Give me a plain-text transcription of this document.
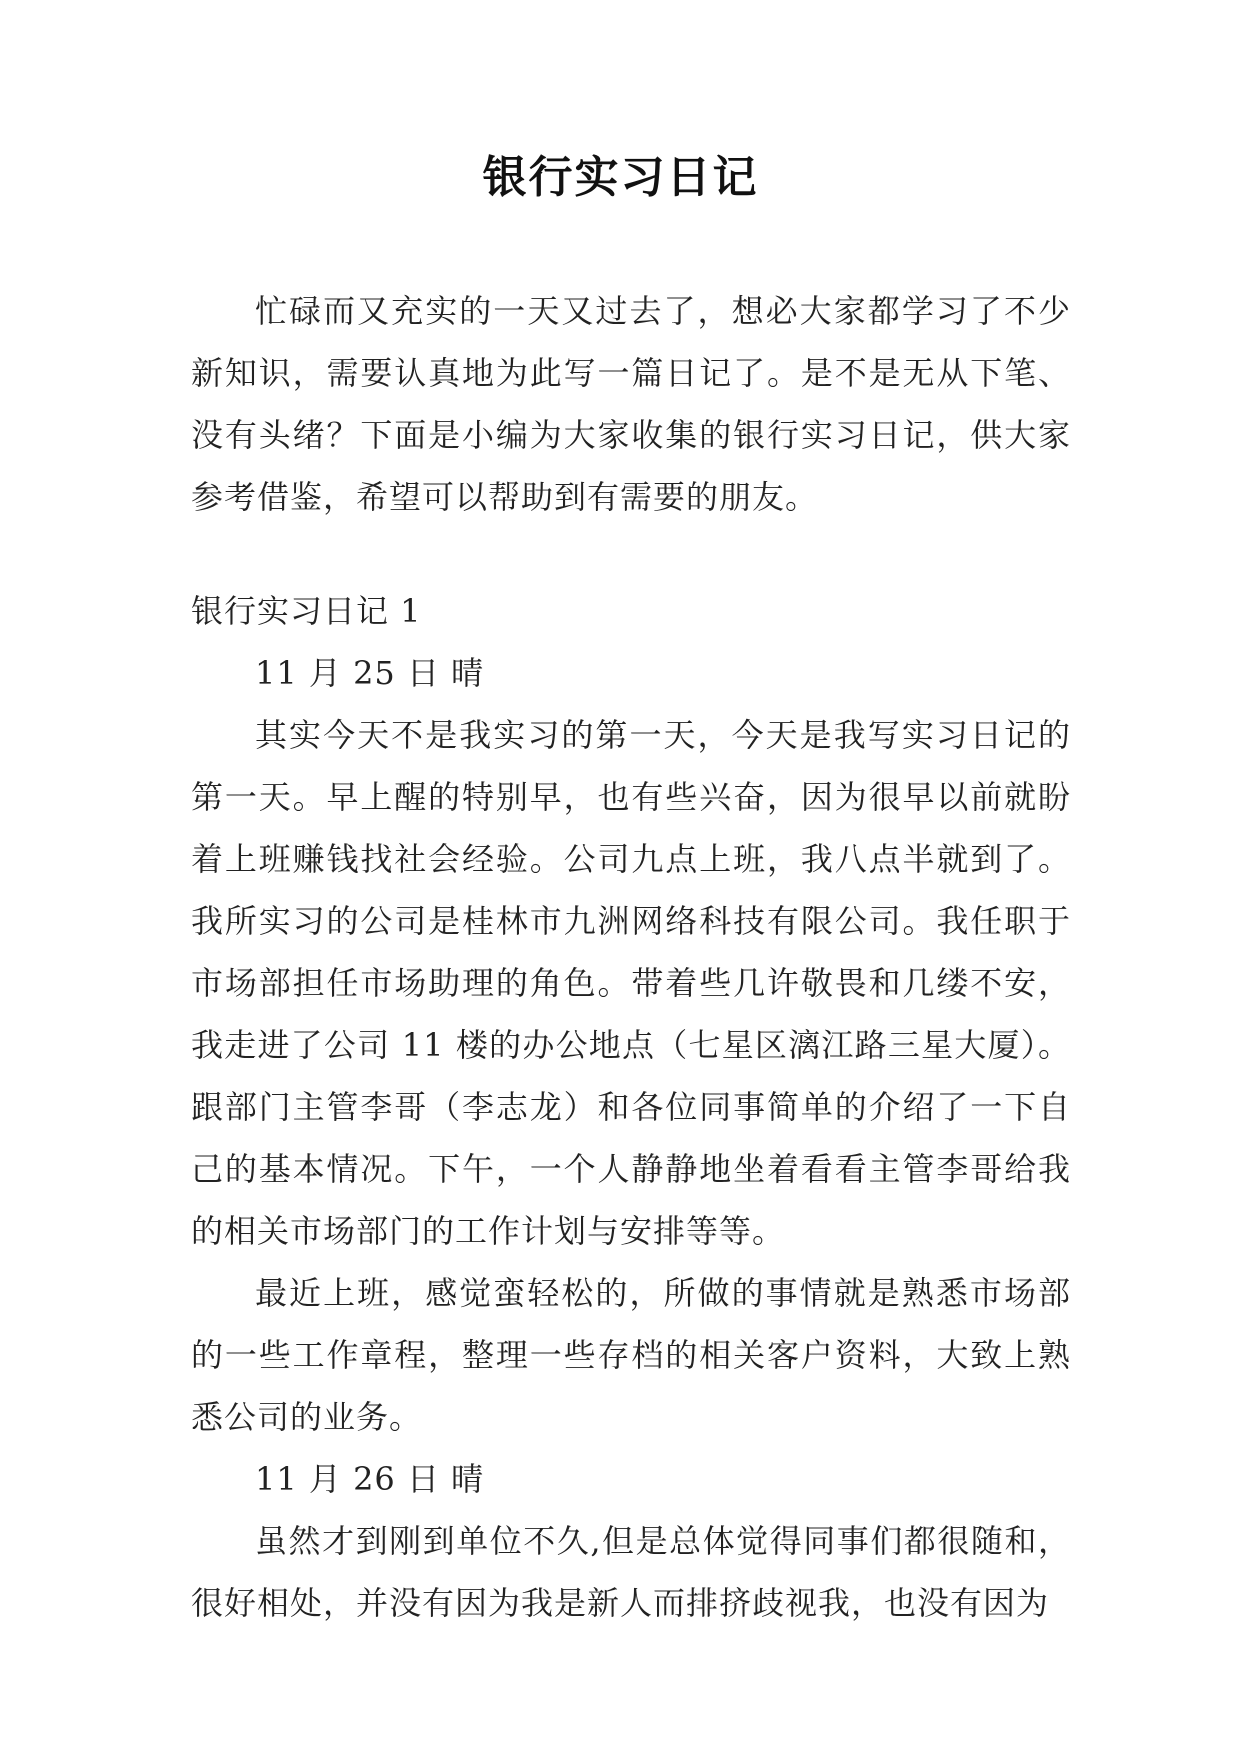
银行实习日记

忙碌而又充实的一天又过去了，想必大家都学习了不少新知识，需要认真地为此写一篇日记了。是不是无从下笔、没有头绪？下面是小编为大家收集的银行实习日记，供大家参考借鉴，希望可以帮助到有需要的朋友。

银行实习日记 1

11 月 25 日 晴

其实今天不是我实习的第一天，今天是我写实习日记的第一天。早上醒的特别早，也有些兴奋，因为很早以前就盼着上班赚钱找社会经验。公司九点上班，我八点半就到了。我所实习的公司是桂林市九洲网络科技有限公司。我任职于市场部担任市场助理的角色。带着些几许敬畏和几缕不安，我走进了公司 11 楼的办公地点（七星区漓江路三星大厦）。跟部门主管李哥（李志龙）和各位同事简单的介绍了一下自己的基本情况。下午，一个人静静地坐着看看主管李哥给我的相关市场部门的工作计划与安排等等。

最近上班，感觉蛮轻松的，所做的事情就是熟悉市场部的一些工作章程，整理一些存档的相关客户资料，大致上熟悉公司的业务。

11 月 26 日 晴

虽然才到刚到单位不久,但是总体觉得同事们都很随和，很好相处，并没有因为我是新人而排挤歧视我，也没有因为
